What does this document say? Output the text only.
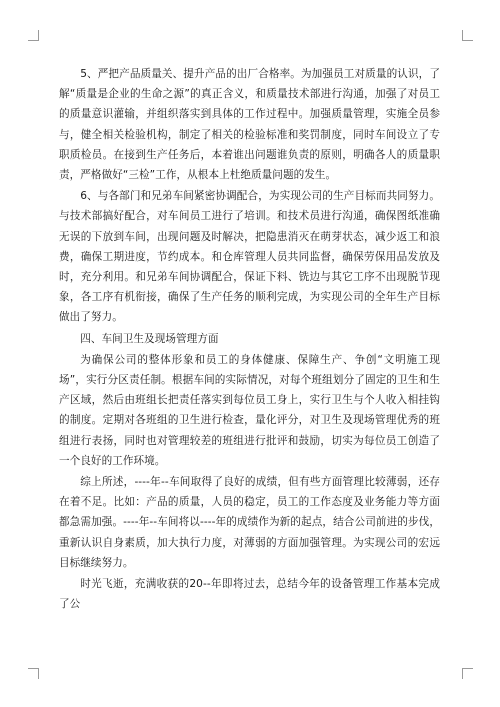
5、严把产品质量关、提升产品的出厂合格率。为加强员工对质量的认识，了解“质量是企业的生命之源”的真正含义，和质量技术部进行沟通，加强了对员工的质量意识灌输，并组织落实到具体的工作过程中。加强质量管理，实施全员参与，健全相关检验机构，制定了相关的检验标准和奖罚制度，同时车间设立了专职质检员。在接到生产任务后，本着谁出问题谁负责的原则，明确各人的质量职责，严格做好“三检”工作，从根本上杜绝质量问题的发生。

6、与各部门和兄弟车间紧密协调配合，为实现公司的生产目标而共同努力。与技术部搞好配合，对车间员工进行了培训。和技术员进行沟通，确保图纸准确无误的下放到车间，出现问题及时解决，把隐患消灭在萌芽状态，减少返工和浪费，确保工期进度，节约成本。和仓库管理人员共同监督，确保劳保用品发放及时，充分利用。和兄弟车间协调配合，保证下料、铣边与其它工序不出现脱节现象，各工序有机衔接，确保了生产任务的顺利完成，为实现公司的全年生产目标做出了努力。

四、车间卫生及现场管理方面

为确保公司的整体形象和员工的身体健康、保障生产、争创“文明施工现场”，实行分区责任制。根据车间的实际情况，对每个班组划分了固定的卫生和生产区域，然后由班组长把责任落实到每位员工身上，实行卫生与个人收入相挂钩的制度。定期对各班组的卫生进行检查，量化评分，对卫生及现场管理优秀的班组进行表扬，同时也对管理较差的班组进行批评和鼓励，切实为每位员工创造了一个良好的工作环境。

综上所述，----年--车间取得了良好的成绩，但有些方面管理比较薄弱，还存在着不足。比如：产品的质量，人员的稳定，员工的工作态度及业务能力等方面都急需加强。----年--车间将以----年的成绩作为新的起点，结合公司前进的步伐，重新认识自身素质，加大执行力度，对薄弱的方面加强管理。为实现公司的宏远目标继续努力。

时光飞逝，充满收获的20--年即将过去，总结今年的设备管理工作基本完成了公
